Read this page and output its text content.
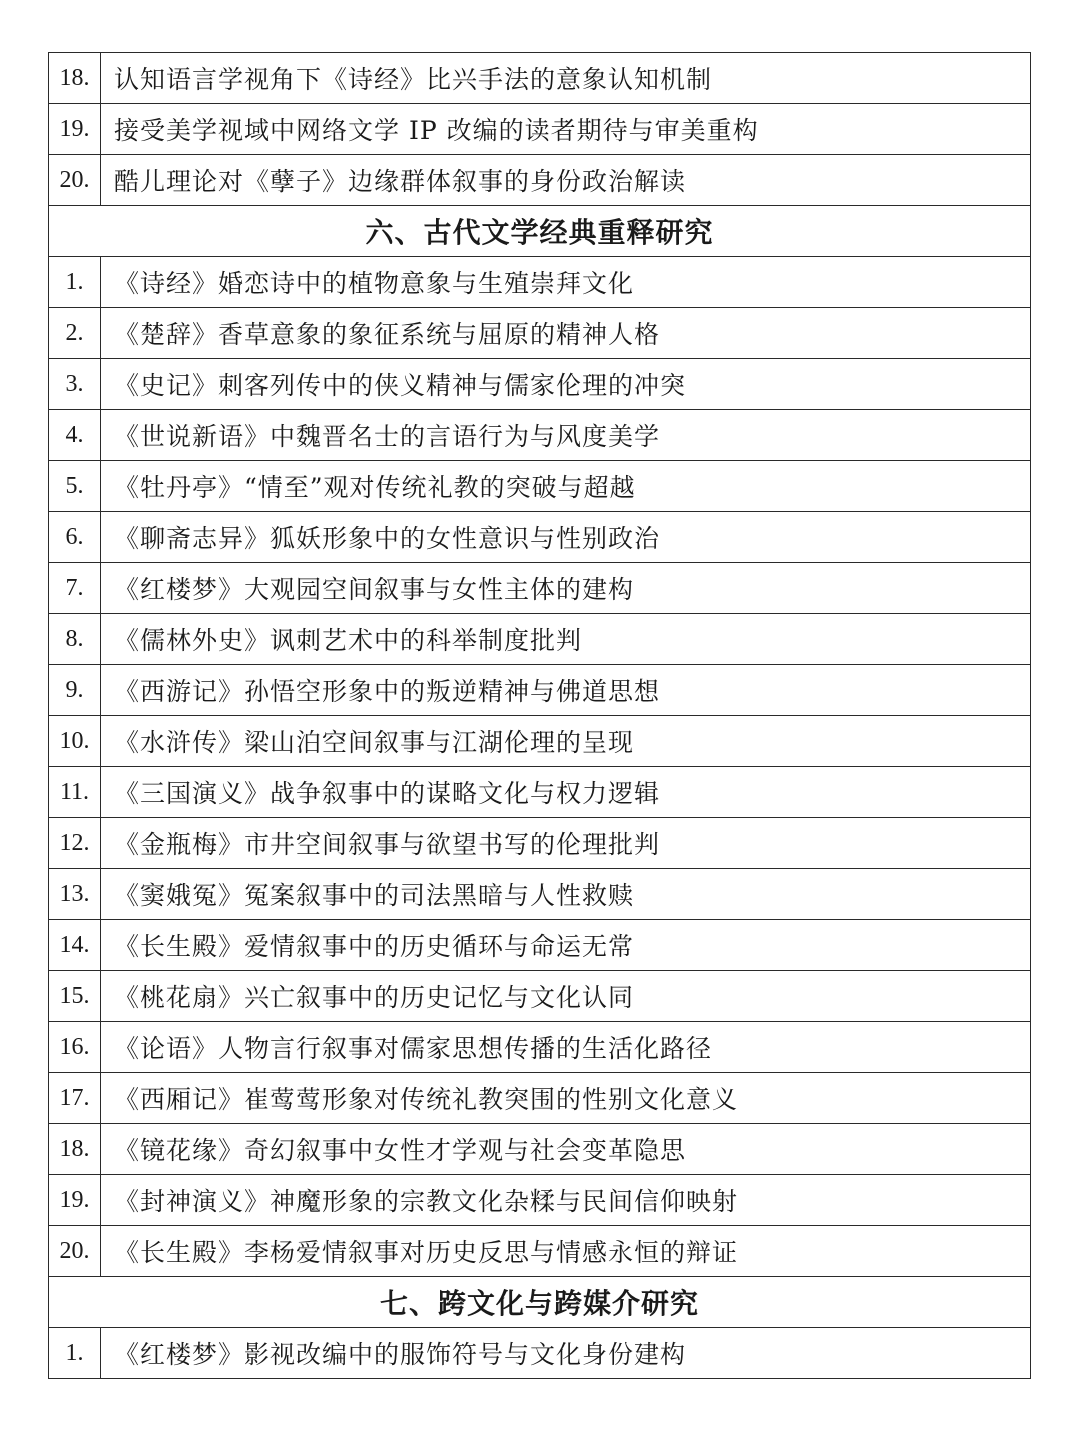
18.	认知语言学视角下《诗经》比兴手法的意象认知机制
19.	接受美学视域中网络文学 IP 改编的读者期待与审美重构
20.	酷儿理论对《孽子》边缘群体叙事的身份政治解读
六、古代文学经典重释研究	
1.	《诗经》婚恋诗中的植物意象与生殖崇拜文化
2.	《楚辞》香草意象的象征系统与屈原的精神人格
3.	《史记》刺客列传中的侠义精神与儒家伦理的冲突
4.	《世说新语》中魏晋名士的言语行为与风度美学
5.	《牡丹亭》“情至”观对传统礼教的突破与超越
6.	《聊斋志异》狐妖形象中的女性意识与性别政治
7.	《红楼梦》大观园空间叙事与女性主体的建构
8.	《儒林外史》讽刺艺术中的科举制度批判
9.	《西游记》孙悟空形象中的叛逆精神与佛道思想
10.	《水浒传》梁山泊空间叙事与江湖伦理的呈现
11.	《三国演义》战争叙事中的谋略文化与权力逻辑
12.	《金瓶梅》市井空间叙事与欲望书写的伦理批判
13.	《窦娥冤》冤案叙事中的司法黑暗与人性救赎
14.	《长生殿》爱情叙事中的历史循环与命运无常
15.	《桃花扇》兴亡叙事中的历史记忆与文化认同
16.	《论语》人物言行叙事对儒家思想传播的生活化路径
17.	《西厢记》崔莺莺形象对传统礼教突围的性别文化意义
18.	《镜花缘》奇幻叙事中女性才学观与社会变革隐思
19.	《封神演义》神魔形象的宗教文化杂糅与民间信仰映射
20.	《长生殿》李杨爱情叙事对历史反思与情感永恒的辩证
七、跨文化与跨媒介研究	
1.	《红楼梦》影视改编中的服饰符号与文化身份建构
